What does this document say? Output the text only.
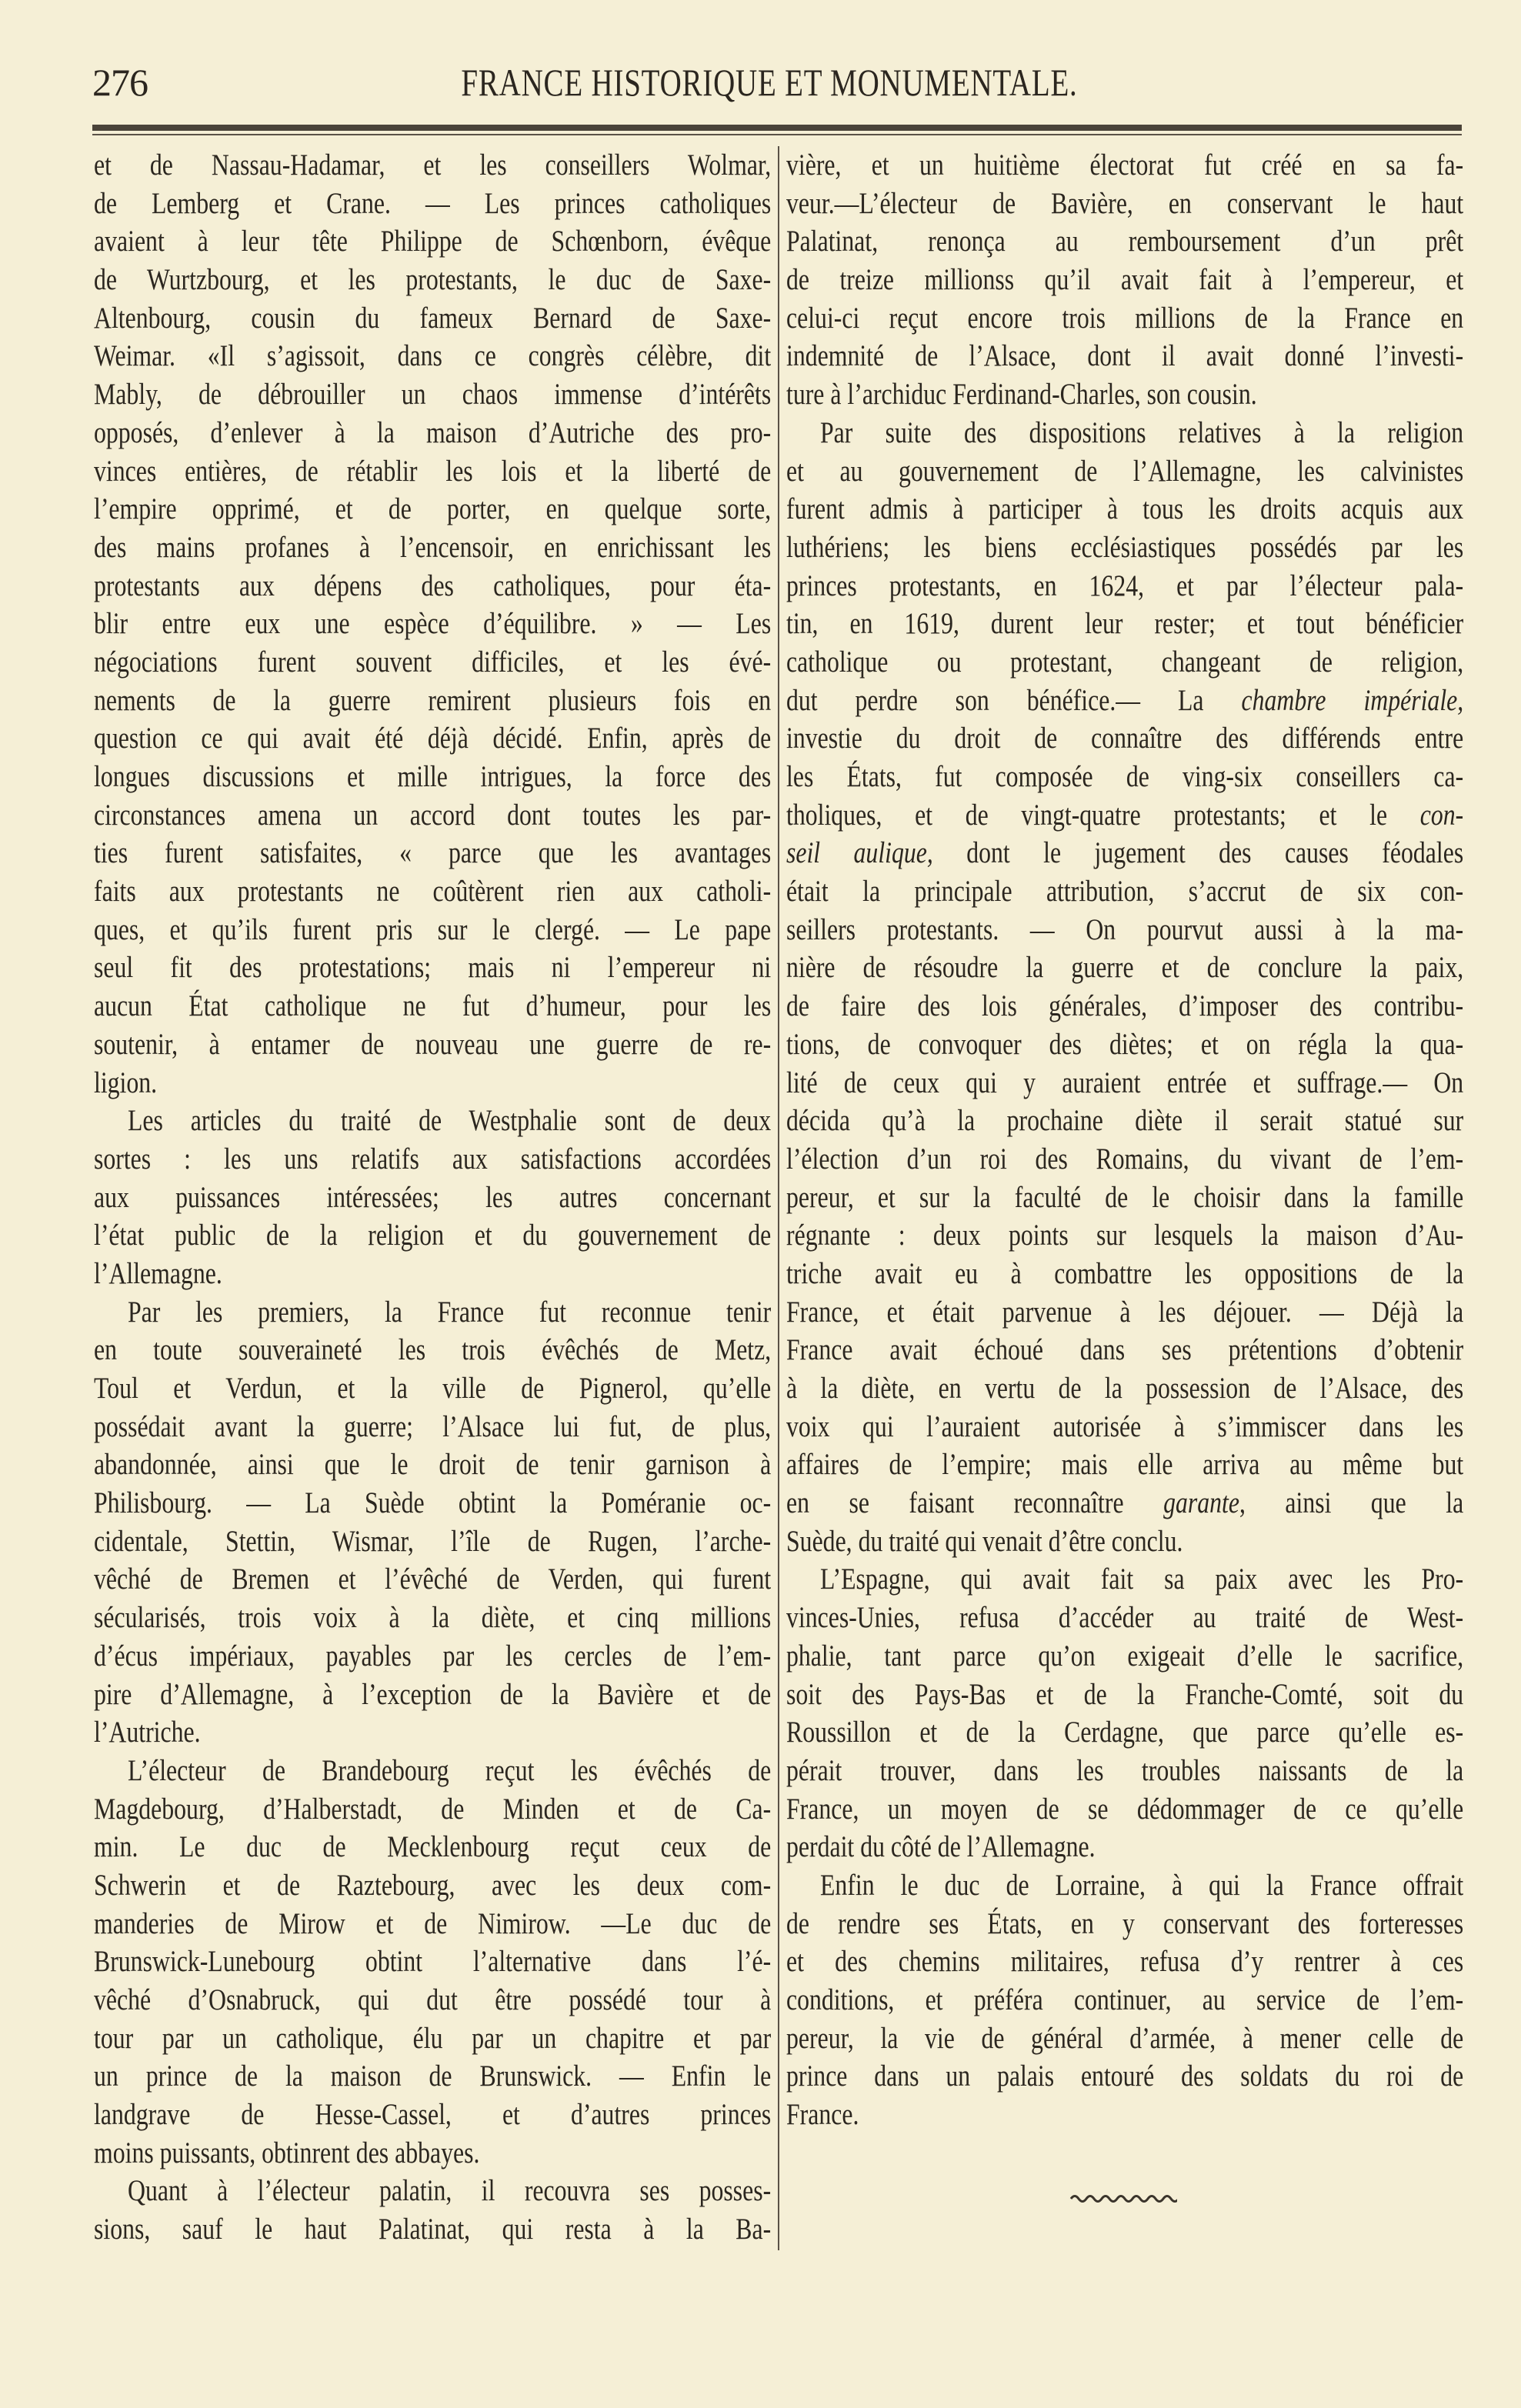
276	FRANCE HISTORIQUE ET MONUMENTALE.
et de Nassau-Hadamar, et les conseillers Wolmar,
de Lemberg et Crane. — Les princes catholiques
avaient à leur tête Philippe de Schœnborn, évêque
de Wurtzbourg, et les protestants, le duc de Saxe-
Altenbourg, cousin du fameux Bernard de Saxe-
Weimar. «Il s’agissoit, dans ce congrès célèbre, dit
Mably, de débrouiller un chaos immense d’intérêts
opposés, d’enlever à la maison d’Autriche des pro-
vinces entières, de rétablir les lois et la liberté de
l’empire opprimé, et de porter, en quelque sorte,
des mains profanes à l’encensoir, en enrichissant les
protestants aux dépens des catholiques, pour éta-
blir entre eux une espèce d’équilibre. » — Les
négociations furent souvent difficiles, et les évé-
nements de la guerre remirent plusieurs fois en
question ce qui avait été déjà décidé. Enfin, après de
longues discussions et mille intrigues, la force des
circonstances amena un accord dont toutes les par-
ties furent satisfaites, « parce que les avantages
faits aux protestants ne coûtèrent rien aux catholi-
ques, et qu’ils furent pris sur le clergé. — Le pape
seul fit des protestations; mais ni l’empereur ni
aucun État catholique ne fut d’humeur, pour les
soutenir, à entamer de nouveau une guerre de re-
ligion.
Les articles du traité de Westphalie sont de deux
sortes : les uns relatifs aux satisfactions accordées
aux puissances intéressées; les autres concernant
l’état public de la religion et du gouvernement de
l’Allemagne.
Par les premiers, la France fut reconnue tenir
en toute souveraineté les trois évêchés de Metz,
Toul et Verdun, et la ville de Pignerol, qu’elle
possédait avant la guerre; l’Alsace lui fut, de plus,
abandonnée, ainsi que le droit de tenir garnison à
Philisbourg. — La Suède obtint la Poméranie oc-
cidentale, Stettin, Wismar, l’île de Rugen, l’arche-
vêché de Bremen et l’évêché de Verden, qui furent
sécularisés, trois voix à la diète, et cinq millions
d’écus impériaux, payables par les cercles de l’em-
pire d’Allemagne, à l’exception de la Bavière et de
l’Autriche.
L’électeur de Brandebourg reçut les évêchés de
Magdebourg, d’Halberstadt, de Minden et de Ca-
min. Le duc de Mecklenbourg reçut ceux de
Schwerin et de Raztebourg, avec les deux com-
manderies de Mirow et de Nimirow. —Le duc de
Brunswick-Lunebourg obtint l’alternative dans l’é-
vêché d’Osnabruck, qui dut être possédé tour à
tour par un catholique, élu par un chapitre et par
un prince de la maison de Brunswick. — Enfin le
landgrave de Hesse-Cassel, et d’autres princes
moins puissants, obtinrent des abbayes.
Quant à l’électeur palatin, il recouvra ses posses-
sions, sauf le haut Palatinat, qui resta à la Ba-
vière, et un huitième électorat fut créé en sa fa-
veur.—L’électeur de Bavière, en conservant le haut
Palatinat, renonça au remboursement d’un prêt
de treize millionss qu’il avait fait à l’empereur, et
celui-ci reçut encore trois millions de la France en
indemnité de l’Alsace, dont il avait donné l’investi-
ture à l’archiduc Ferdinand-Charles, son cousin.
Par suite des dispositions relatives à la religion
et au gouvernement de l’Allemagne, les calvinistes
furent admis à participer à tous les droits acquis aux
luthériens; les biens ecclésiastiques possédés par les
princes protestants, en 1624, et par l’électeur pala-
tin, en 1619, durent leur rester; et tout bénéficier
catholique ou protestant, changeant de religion,
dut perdre son bénéfice.— La chambre impériale,
investie du droit de connaître des différends entre
les États, fut composée de ving-six conseillers ca-
tholiques, et de vingt-quatre protestants; et le con-
seil aulique, dont le jugement des causes féodales
était la principale attribution, s’accrut de six con-
seillers protestants. — On pourvut aussi à la ma-
nière de résoudre la guerre et de conclure la paix,
de faire des lois générales, d’imposer des contribu-
tions, de convoquer des diètes; et on régla la qua-
lité de ceux qui y auraient entrée et suffrage.— On
décida qu’à la prochaine diète il serait statué sur
l’élection d’un roi des Romains, du vivant de l’em-
pereur, et sur la faculté de le choisir dans la famille
régnante : deux points sur lesquels la maison d’Au-
triche avait eu à combattre les oppositions de la
France, et était parvenue à les déjouer. — Déjà la
France avait échoué dans ses prétentions d’obtenir
à la diète, en vertu de la possession de l’Alsace, des
voix qui l’auraient autorisée à s’immiscer dans les
affaires de l’empire; mais elle arriva au même but
en se faisant reconnaître garante, ainsi que la
Suède, du traité qui venait d’être conclu.
L’Espagne, qui avait fait sa paix avec les Pro-
vinces-Unies, refusa d’accéder au traité de West-
phalie, tant parce qu’on exigeait d’elle le sacrifice,
soit des Pays-Bas et de la Franche-Comté, soit du
Roussillon et de la Cerdagne, que parce qu’elle es-
pérait trouver, dans les troubles naissants de la
France, un moyen de se dédommager de ce qu’elle
perdait du côté de l’Allemagne.
Enfin le duc de Lorraine, à qui la France offrait
de rendre ses États, en y conservant des forteresses
et des chemins militaires, refusa d’y rentrer à ces
conditions, et préféra continuer, au service de l’em-
pereur, la vie de général d’armée, à mener celle de
prince dans un palais entouré des soldats du roi de
France.
